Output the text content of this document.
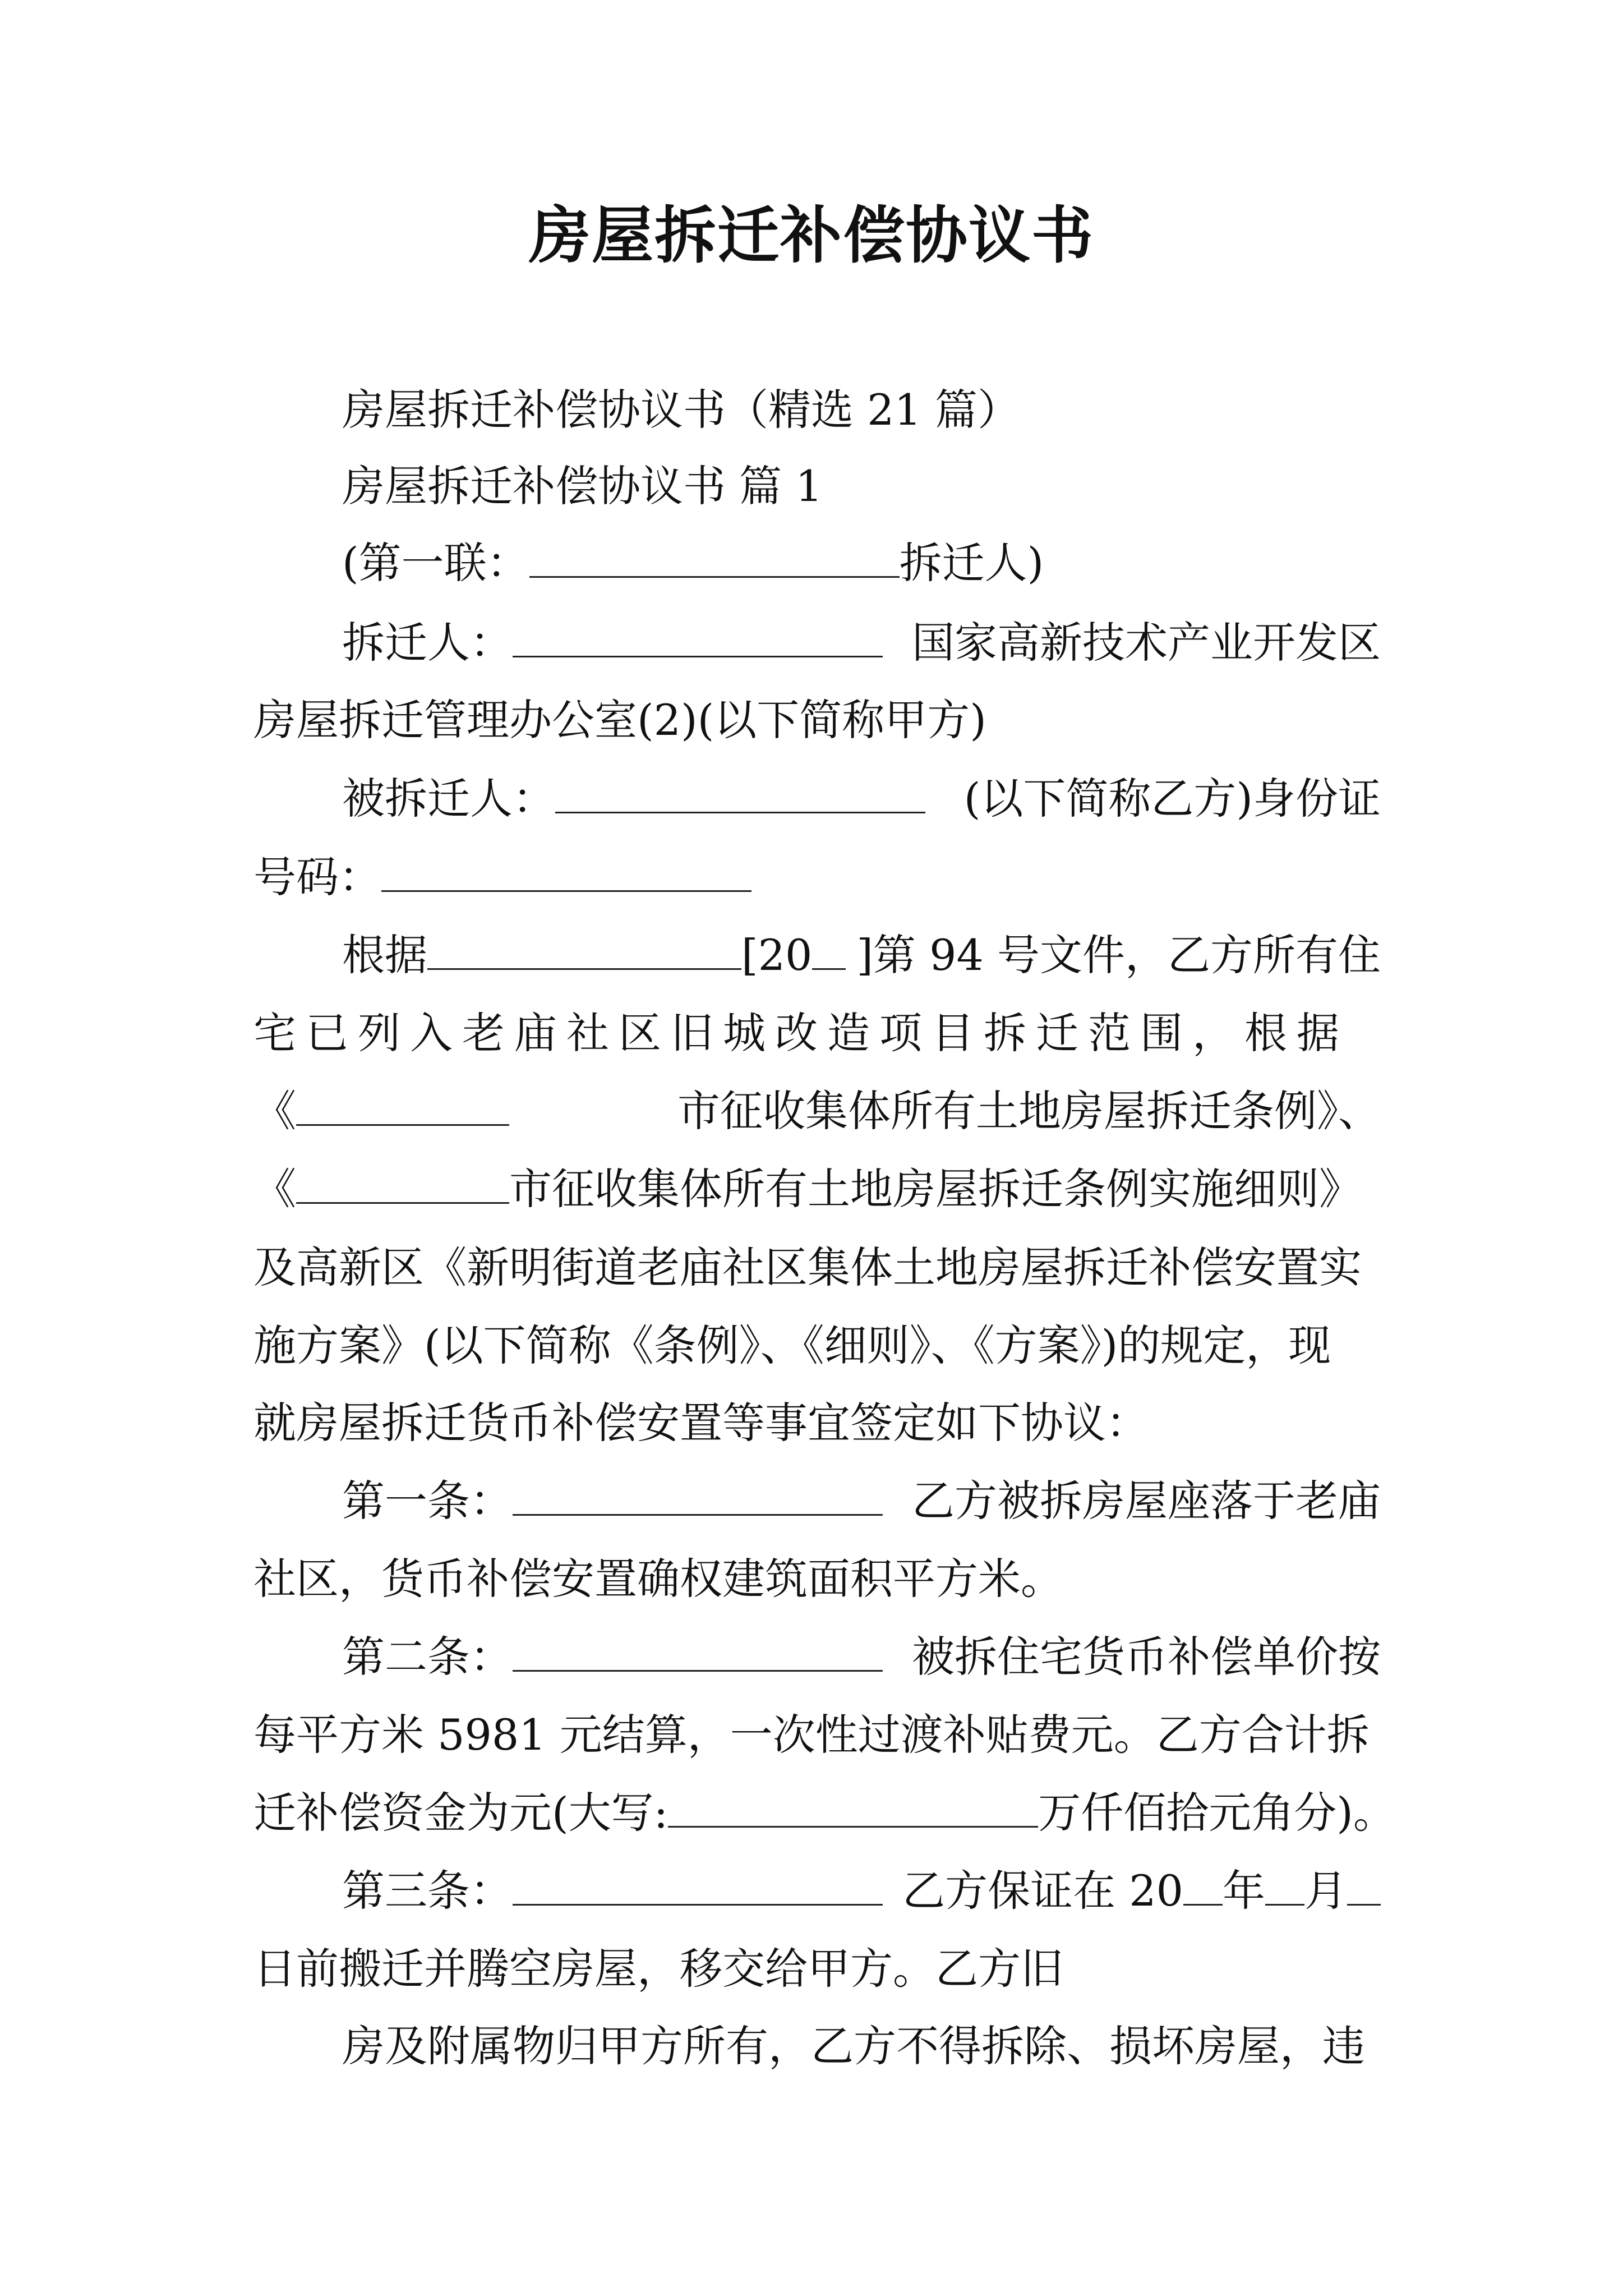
房屋拆迁补偿协议书
房屋拆迁补偿协议书（精选 21 篇）
房屋拆迁补偿协议书 篇 1
(第一联：	拆迁人)
拆迁人：	国家高新技术产业开发区
房屋拆迁管理办公室(2)(以下简称甲方)
被拆迁人：	(以下简称乙方)身份证
号码：
根据	[20	]第 94 号文件，乙方所有住
宅已列入老庙社区旧城改造项目拆迁范围，根据
《	市征收集体所有土地房屋拆迁条例》、
《	市征收集体所有土地房屋拆迁条例实施细则》
及高新区《新明街道老庙社区集体土地房屋拆迁补偿安置实
施方案》(以下简称《条例》、《细则》、《方案》)的规定，现
就房屋拆迁货币补偿安置等事宜签定如下协议：
第一条：	乙方被拆房屋座落于老庙
社区，货币补偿安置确权建筑面积平方米。
第二条：	被拆住宅货币补偿单价按
每平方米 5981 元结算，一次性过渡补贴费元。乙方合计拆
迁补偿资金为元(大写:	万仟佰拾元角分)。
第三条：	乙方保证在 20 年 月
日前搬迁并腾空房屋，移交给甲方。乙方旧
房及附属物归甲方所有，乙方不得拆除、损坏房屋，违
